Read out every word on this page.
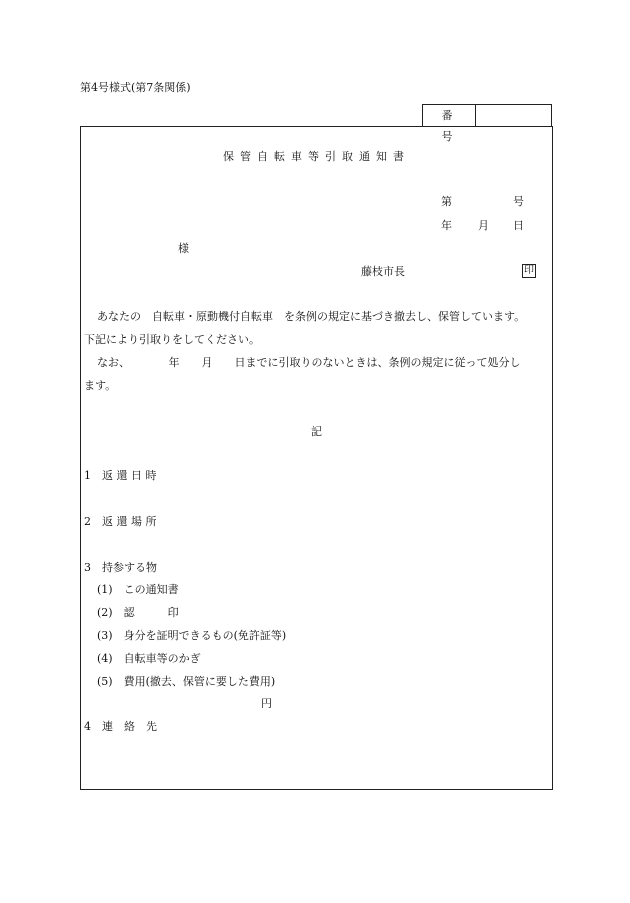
第4号様式(第7条関係)
番 号
保管自転車等引取通知書
第	号
年 月 日
様
藤枝市長	印
あなたの　自転車・原動機付自転車　を条例の規定に基づき撤去し、保管しています。
下記により引取りをしてください。
なお、　　　　年　　月　　日までに引取りのないときは、条例の規定に従って処分し
ます。
記
1　返 還 日 時
2　返 還 場 所
3　持参する物
(1)　この通知書
(2)　認　　　印
(3)　身分を証明できるもの(免許証等)
(4)　自転車等のかぎ
(5)　費用(撤去、保管に要した費用)
円
4　連　絡　先
